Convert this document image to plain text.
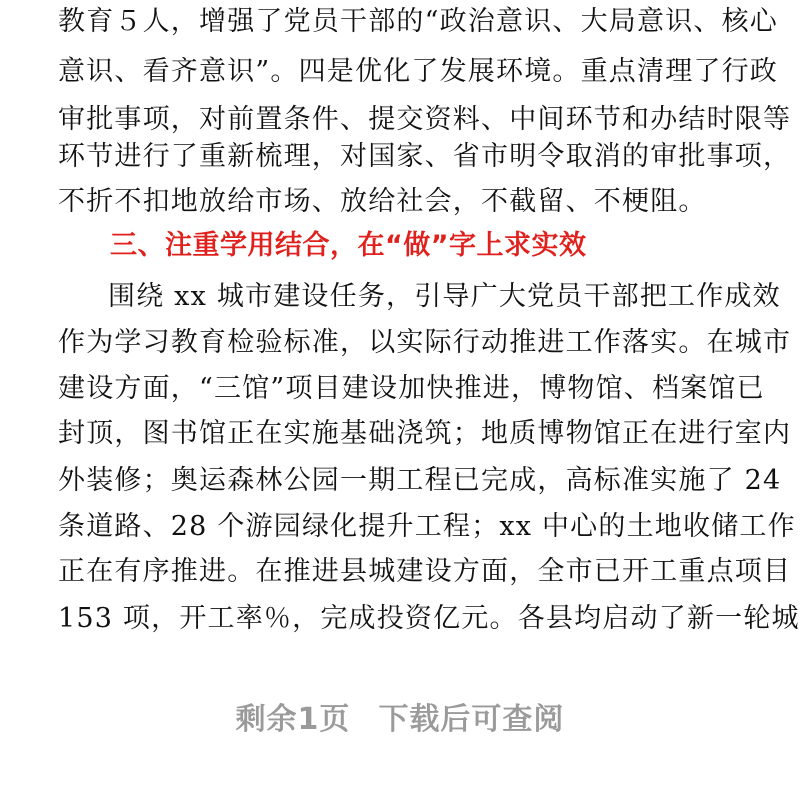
教育５人，增强了党员干部的“政治意识、大局意识、核心
意识、看齐意识”。四是优化了发展环境。重点清理了行政
审批事项，对前置条件、提交资料、中间环节和办结时限等
环节进行了重新梳理，对国家、省市明令取消的审批事项，
不折不扣地放给市场、放给社会，不截留、不梗阻。
三、注重学用结合，在“做”字上求实效
围绕 xx 城市建设任务，引导广大党员干部把工作成效
作为学习教育检验标准，以实际行动推进工作落实。在城市
建设方面，“三馆”项目建设加快推进，博物馆、档案馆已
封顶，图书馆正在实施基础浇筑；地质博物馆正在进行室内
外装修；奥运森林公园一期工程已完成，高标准实施了 24
条道路、28 个游园绿化提升工程；xx 中心的土地收储工作
正在有序推进。在推进县城建设方面，全市已开工重点项目
153 项，开工率％，完成投资亿元。各县均启动了新一轮城
剩余1页 下载后可查阅
